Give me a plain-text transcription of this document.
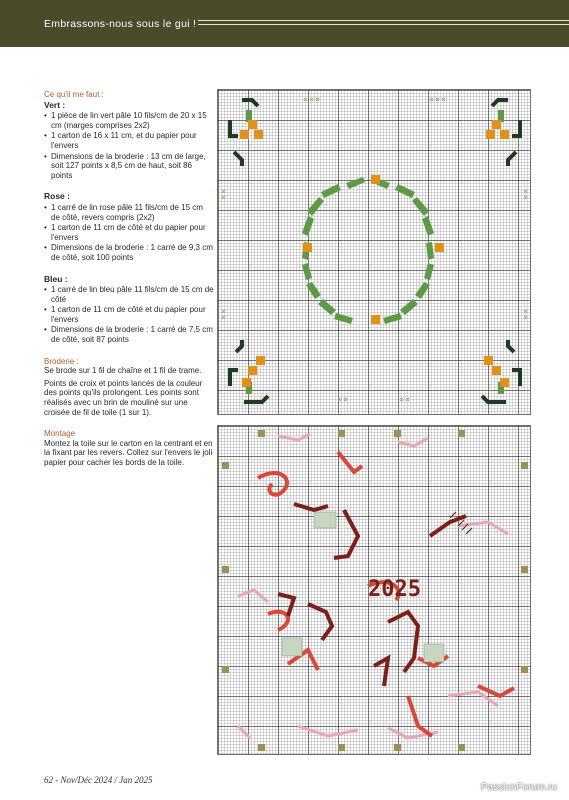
Embrassons-nous sous le gui !
Ce qu'il me faut :
Vert :
• 1 pièce de lin vert pâle 10 fils/cm de 20 x 15 cm (marges comprises 2x2)
• 1 carton de 16 x 11 cm, et du papier pour l'envers
• Dimensions de la broderie : 13 cm de large, soit 127 points x 8,5 cm de haut, soit 86 points
Rose :
• 1 carré de lin rose pâle 11 fils/cm de 15 cm de côté, revers compris (2x2)
• 1 carton de 11 cm de côté et du papier pour l'envers
• Dimensions de la broderie : 1 carré de 9,3 cm de côté, soit 100 points
Bleu :
• 1 carré de lin bleu pâle 11 fils/cm de 15 cm de côté
• 1 carton de 11 cm de côté et du papier pour l'envers
• Dimensions de la broderie : 1 carré de 7,5 cm de côté, soit 87 points
Broderie :

Se brode sur 1 fil de chaîne et 1 fil de trame.

Points de croix et points lancés de la couleur des points qu'ils prolongent. Les points sont réalisés avec un brin de mouliné sur une croisée de fil de toile (1 sur 1).

Montage

Montez la toile sur le carton en la centrant et en la fixant par les revers. Collez sur l'envers le joli papier pour cacher les bords de la toile.

2025
62 - Nov/Déc 2024 / Jan 2025
PassionForum.ru
